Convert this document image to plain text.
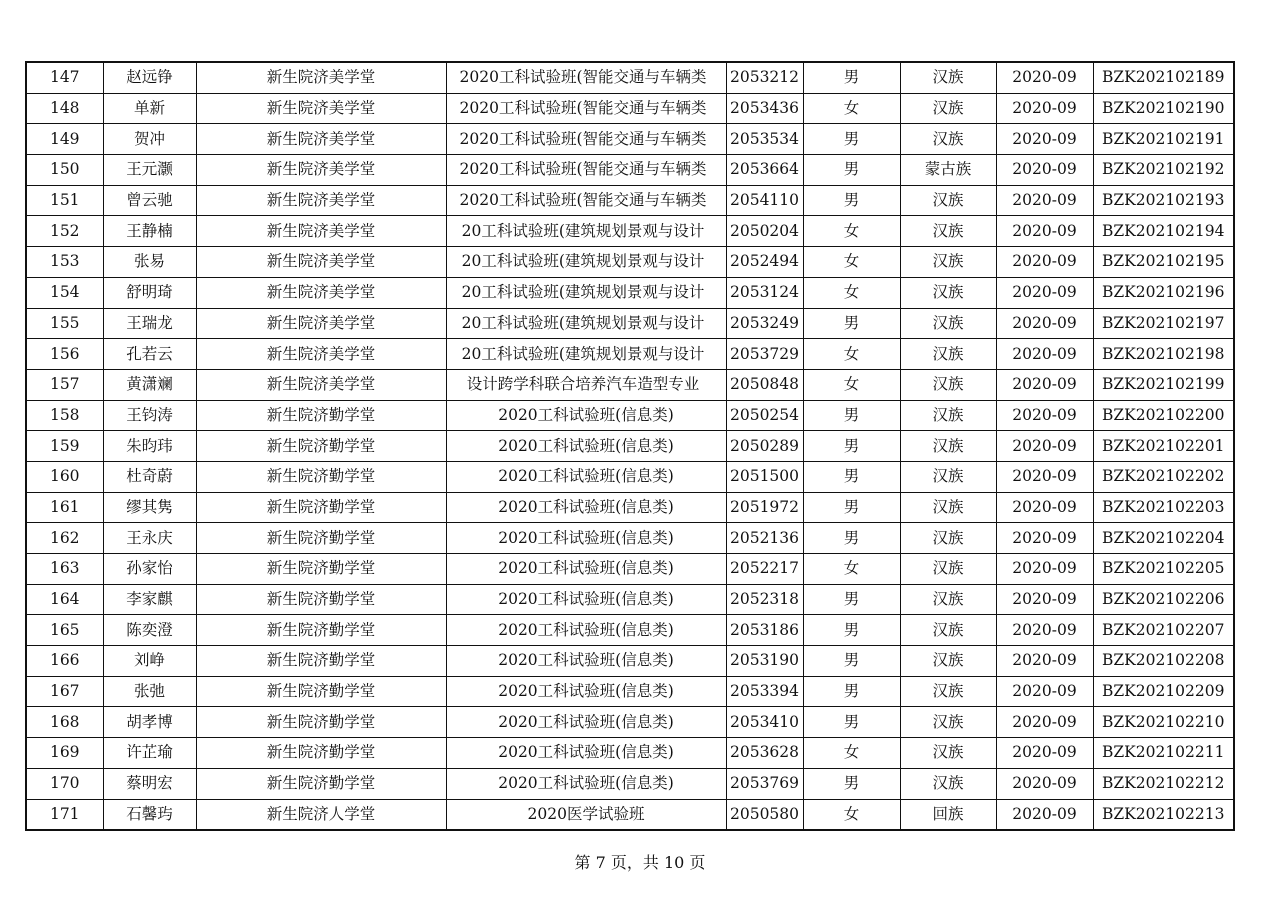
147	赵远铮	新生院济美学堂	2020工科试验班(智能交通与车辆类	2053212	男	汉族	2020-09	BZK202102189
148	单新	新生院济美学堂	2020工科试验班(智能交通与车辆类	2053436	女	汉族	2020-09	BZK202102190
149	贺冲	新生院济美学堂	2020工科试验班(智能交通与车辆类	2053534	男	汉族	2020-09	BZK202102191
150	王元灏	新生院济美学堂	2020工科试验班(智能交通与车辆类	2053664	男	蒙古族	2020-09	BZK202102192
151	曾云驰	新生院济美学堂	2020工科试验班(智能交通与车辆类	2054110	男	汉族	2020-09	BZK202102193
152	王静楠	新生院济美学堂	20工科试验班(建筑规划景观与设计	2050204	女	汉族	2020-09	BZK202102194
153	张易	新生院济美学堂	20工科试验班(建筑规划景观与设计	2052494	女	汉族	2020-09	BZK202102195
154	舒明琦	新生院济美学堂	20工科试验班(建筑规划景观与设计	2053124	女	汉族	2020-09	BZK202102196
155	王瑞龙	新生院济美学堂	20工科试验班(建筑规划景观与设计	2053249	男	汉族	2020-09	BZK202102197
156	孔若云	新生院济美学堂	20工科试验班(建筑规划景观与设计	2053729	女	汉族	2020-09	BZK202102198
157	黄潇斓	新生院济美学堂	设计跨学科联合培养汽车造型专业	2050848	女	汉族	2020-09	BZK202102199
158	王钧涛	新生院济勤学堂	2020工科试验班(信息类)	2050254	男	汉族	2020-09	BZK202102200
159	朱昀玮	新生院济勤学堂	2020工科试验班(信息类)	2050289	男	汉族	2020-09	BZK202102201
160	杜奇蔚	新生院济勤学堂	2020工科试验班(信息类)	2051500	男	汉族	2020-09	BZK202102202
161	缪其隽	新生院济勤学堂	2020工科试验班(信息类)	2051972	男	汉族	2020-09	BZK202102203
162	王永庆	新生院济勤学堂	2020工科试验班(信息类)	2052136	男	汉族	2020-09	BZK202102204
163	孙家怡	新生院济勤学堂	2020工科试验班(信息类)	2052217	女	汉族	2020-09	BZK202102205
164	李家麒	新生院济勤学堂	2020工科试验班(信息类)	2052318	男	汉族	2020-09	BZK202102206
165	陈奕澄	新生院济勤学堂	2020工科试验班(信息类)	2053186	男	汉族	2020-09	BZK202102207
166	刘峥	新生院济勤学堂	2020工科试验班(信息类)	2053190	男	汉族	2020-09	BZK202102208
167	张弛	新生院济勤学堂	2020工科试验班(信息类)	2053394	男	汉族	2020-09	BZK202102209
168	胡孝博	新生院济勤学堂	2020工科试验班(信息类)	2053410	男	汉族	2020-09	BZK202102210
169	许芷瑜	新生院济勤学堂	2020工科试验班(信息类)	2053628	女	汉族	2020-09	BZK202102211
170	蔡明宏	新生院济勤学堂	2020工科试验班(信息类)	2053769	男	汉族	2020-09	BZK202102212
171	石馨玙	新生院济人学堂	2020医学试验班	2050580	女	回族	2020-09	BZK202102213
第 7 页，共 10 页
